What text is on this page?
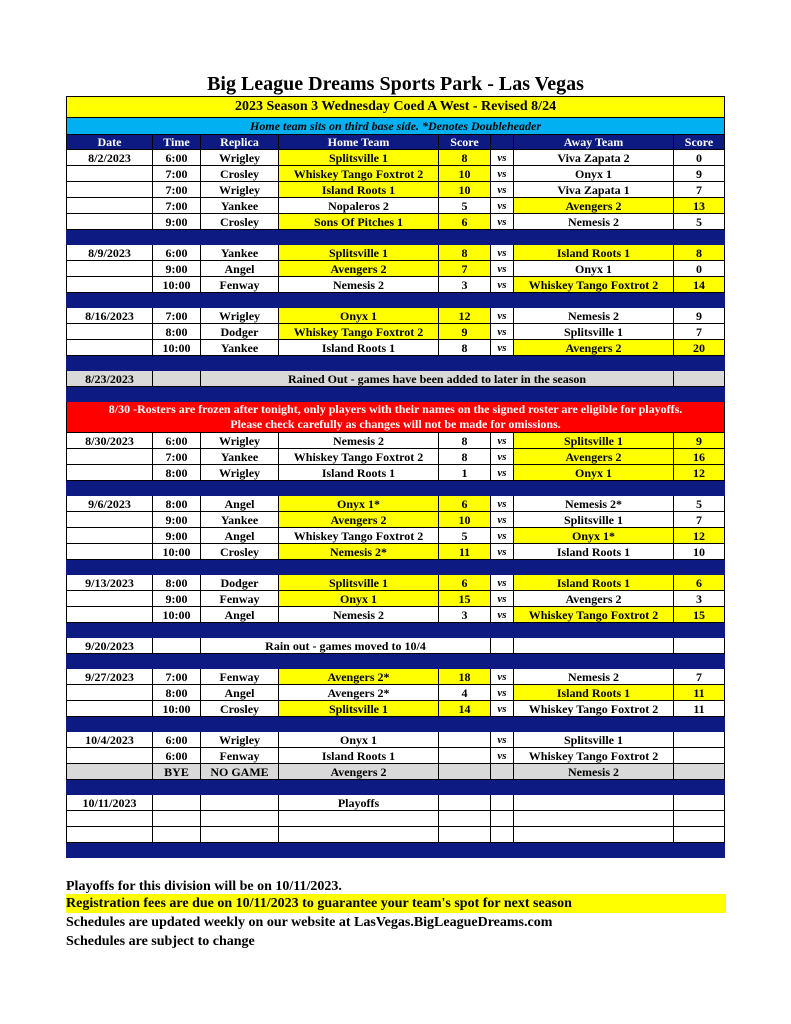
Big League Dreams Sports Park - Las Vegas
2023 Season 3 Wednesday Coed A West - Revised 8/24							
Home team sits on third base side. *Denotes Doubleheader							
Date	Time	Replica	Home Team	Score		Away Team	Score
8/2/2023	6:00	Wrigley	Splitsville 1	8	vs	Viva Zapata 2	0
	7:00	Crosley	Whiskey Tango Foxtrot 2	10	vs	Onyx 1	9
	7:00	Wrigley	Island Roots 1	10	vs	Viva Zapata 1	7
	7:00	Yankee	Nopaleros 2	5	vs	Avengers 2	13
	9:00	Crosley	Sons Of Pitches 1	6	vs	Nemesis 2	5

8/9/2023	6:00	Yankee	Splitsville 1	8	vs	Island Roots 1	8
	9:00	Angel	Avengers 2	7	vs	Onyx 1	0
	10:00	Fenway	Nemesis 2	3	vs	Whiskey Tango Foxtrot 2	14

8/16/2023	7:00	Wrigley	Onyx 1	12	vs	Nemesis 2	9
	8:00	Dodger	Whiskey Tango Foxtrot 2	9	vs	Splitsville 1	7
	10:00	Yankee	Island Roots 1	8	vs	Avengers 2	20

8/23/2023		Rained Out - games have been added to later in the season					

8/30 -Rosters are frozen after tonight, only players with their names on the signed roster are eligible for playoffs.
Please check carefully as changes will not be made for omissions.							
8/30/2023	6:00	Wrigley	Nemesis 2	8	vs	Splitsville 1	9
	7:00	Yankee	Whiskey Tango Foxtrot 2	8	vs	Avengers 2	16
	8:00	Wrigley	Island Roots 1	1	vs	Onyx 1	12

9/6/2023	8:00	Angel	Onyx 1*	6	vs	Nemesis 2*	5
	9:00	Yankee	Avengers 2	10	vs	Splitsville 1	7
	9:00	Angel	Whiskey Tango Foxtrot 2	5	vs	Onyx 1*	12
	10:00	Crosley	Nemesis 2*	11	vs	Island Roots 1	10

9/13/2023	8:00	Dodger	Splitsville 1	6	vs	Island Roots 1	6
	9:00	Fenway	Onyx 1	15	vs	Avengers 2	3
	10:00	Angel	Nemesis 2	3	vs	Whiskey Tango Foxtrot 2	15

9/20/2023		Rain out - games moved to 10/4					

9/27/2023	7:00	Fenway	Avengers 2*	18	vs	Nemesis 2	7
	8:00	Angel	Avengers 2*	4	vs	Island Roots 1	11
	10:00	Crosley	Splitsville 1	14	vs	Whiskey Tango Foxtrot 2	11

10/4/2023	6:00	Wrigley	Onyx 1		vs	Splitsville 1	
	6:00	Fenway	Island Roots 1		vs	Whiskey Tango Foxtrot 2	
	BYE	NO GAME	Avengers 2			Nemesis 2	

10/11/2023			Playoffs				

Playoffs for this division will be on 10/11/2023.
Registration fees are due on 10/11/2023 to guarantee your team's spot for next season
Schedules are updated weekly on our website at LasVegas.BigLeagueDreams.com
Schedules are subject to change
